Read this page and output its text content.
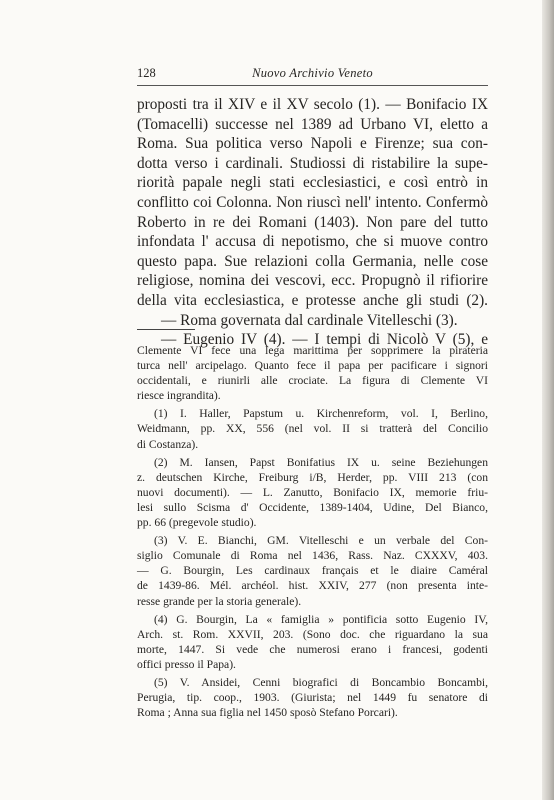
128	Nuovo Archivio Veneto
proposti tra il XIV e il XV secolo (1). — Bonifacio IX
(Tomacelli) successe nel 1389 ad Urbano VI, eletto a
Roma. Sua politica verso Napoli e Firenze; sua con-
dotta verso i cardinali. Studiossi di ristabilire la supe-
riorità papale negli stati ecclesiastici, e così entrò in
conflitto coi Colonna. Non riuscì nell' intento. Confermò
Roberto in re dei Romani (1403). Non pare del tutto
infondata l' accusa di nepotismo, che si muove contro
questo papa. Sue relazioni colla Germania, nelle cose
religiose, nomina dei vescovi, ecc. Propugnò il rifiorire
della vita ecclesiastica, e protesse anche gli studi (2).
— Roma governata dal cardinale Vitelleschi (3).
— Eugenio IV (4). — I tempi di Nicolò V (5), e
Clemente VI fece una lega marittima per sopprimere la pirateria
turca nell' arcipelago. Quanto fece il papa per pacificare i signori
occidentali, e riunirli alle crociate. La figura di Clemente VI
riesce ingrandita).
(1) I. Haller, Papstum u. Kirchenreform, vol. I, Berlino,
Weidmann, pp. XX, 556 (nel vol. II si tratterà del Concilio
di Costanza).
(2) M. Iansen, Papst Bonifatius IX u. seine Beziehungen
z. deutschen Kirche, Freiburg i/B, Herder, pp. VIII 213 (con
nuovi documenti). — L. Zanutto, Bonifacio IX, memorie friu-
lesi sullo Scisma d' Occidente, 1389-1404, Udine, Del Bianco,
pp. 66 (pregevole studio).
(3) V. E. Bianchi, GM. Vitelleschi e un verbale del Con-
siglio Comunale di Roma nel 1436, Rass. Naz. CXXXV, 403.
— G. Bourgin, Les cardinaux français et le diaire Caméral
de 1439-86. Mél. archéol. hist. XXIV, 277 (non presenta inte-
resse grande per la storia generale).
(4) G. Bourgin, La « famiglia » pontificia sotto Eugenio IV,
Arch. st. Rom. XXVII, 203. (Sono doc. che riguardano la sua
morte, 1447. Si vede che numerosi erano i francesi, godenti
offici presso il Papa).
(5) V. Ansidei, Cenni biografici di Boncambio Boncambi,
Perugia, tip. coop., 1903. (Giurista; nel 1449 fu senatore di
Roma ; Anna sua figlia nel 1450 sposò Stefano Porcari).
